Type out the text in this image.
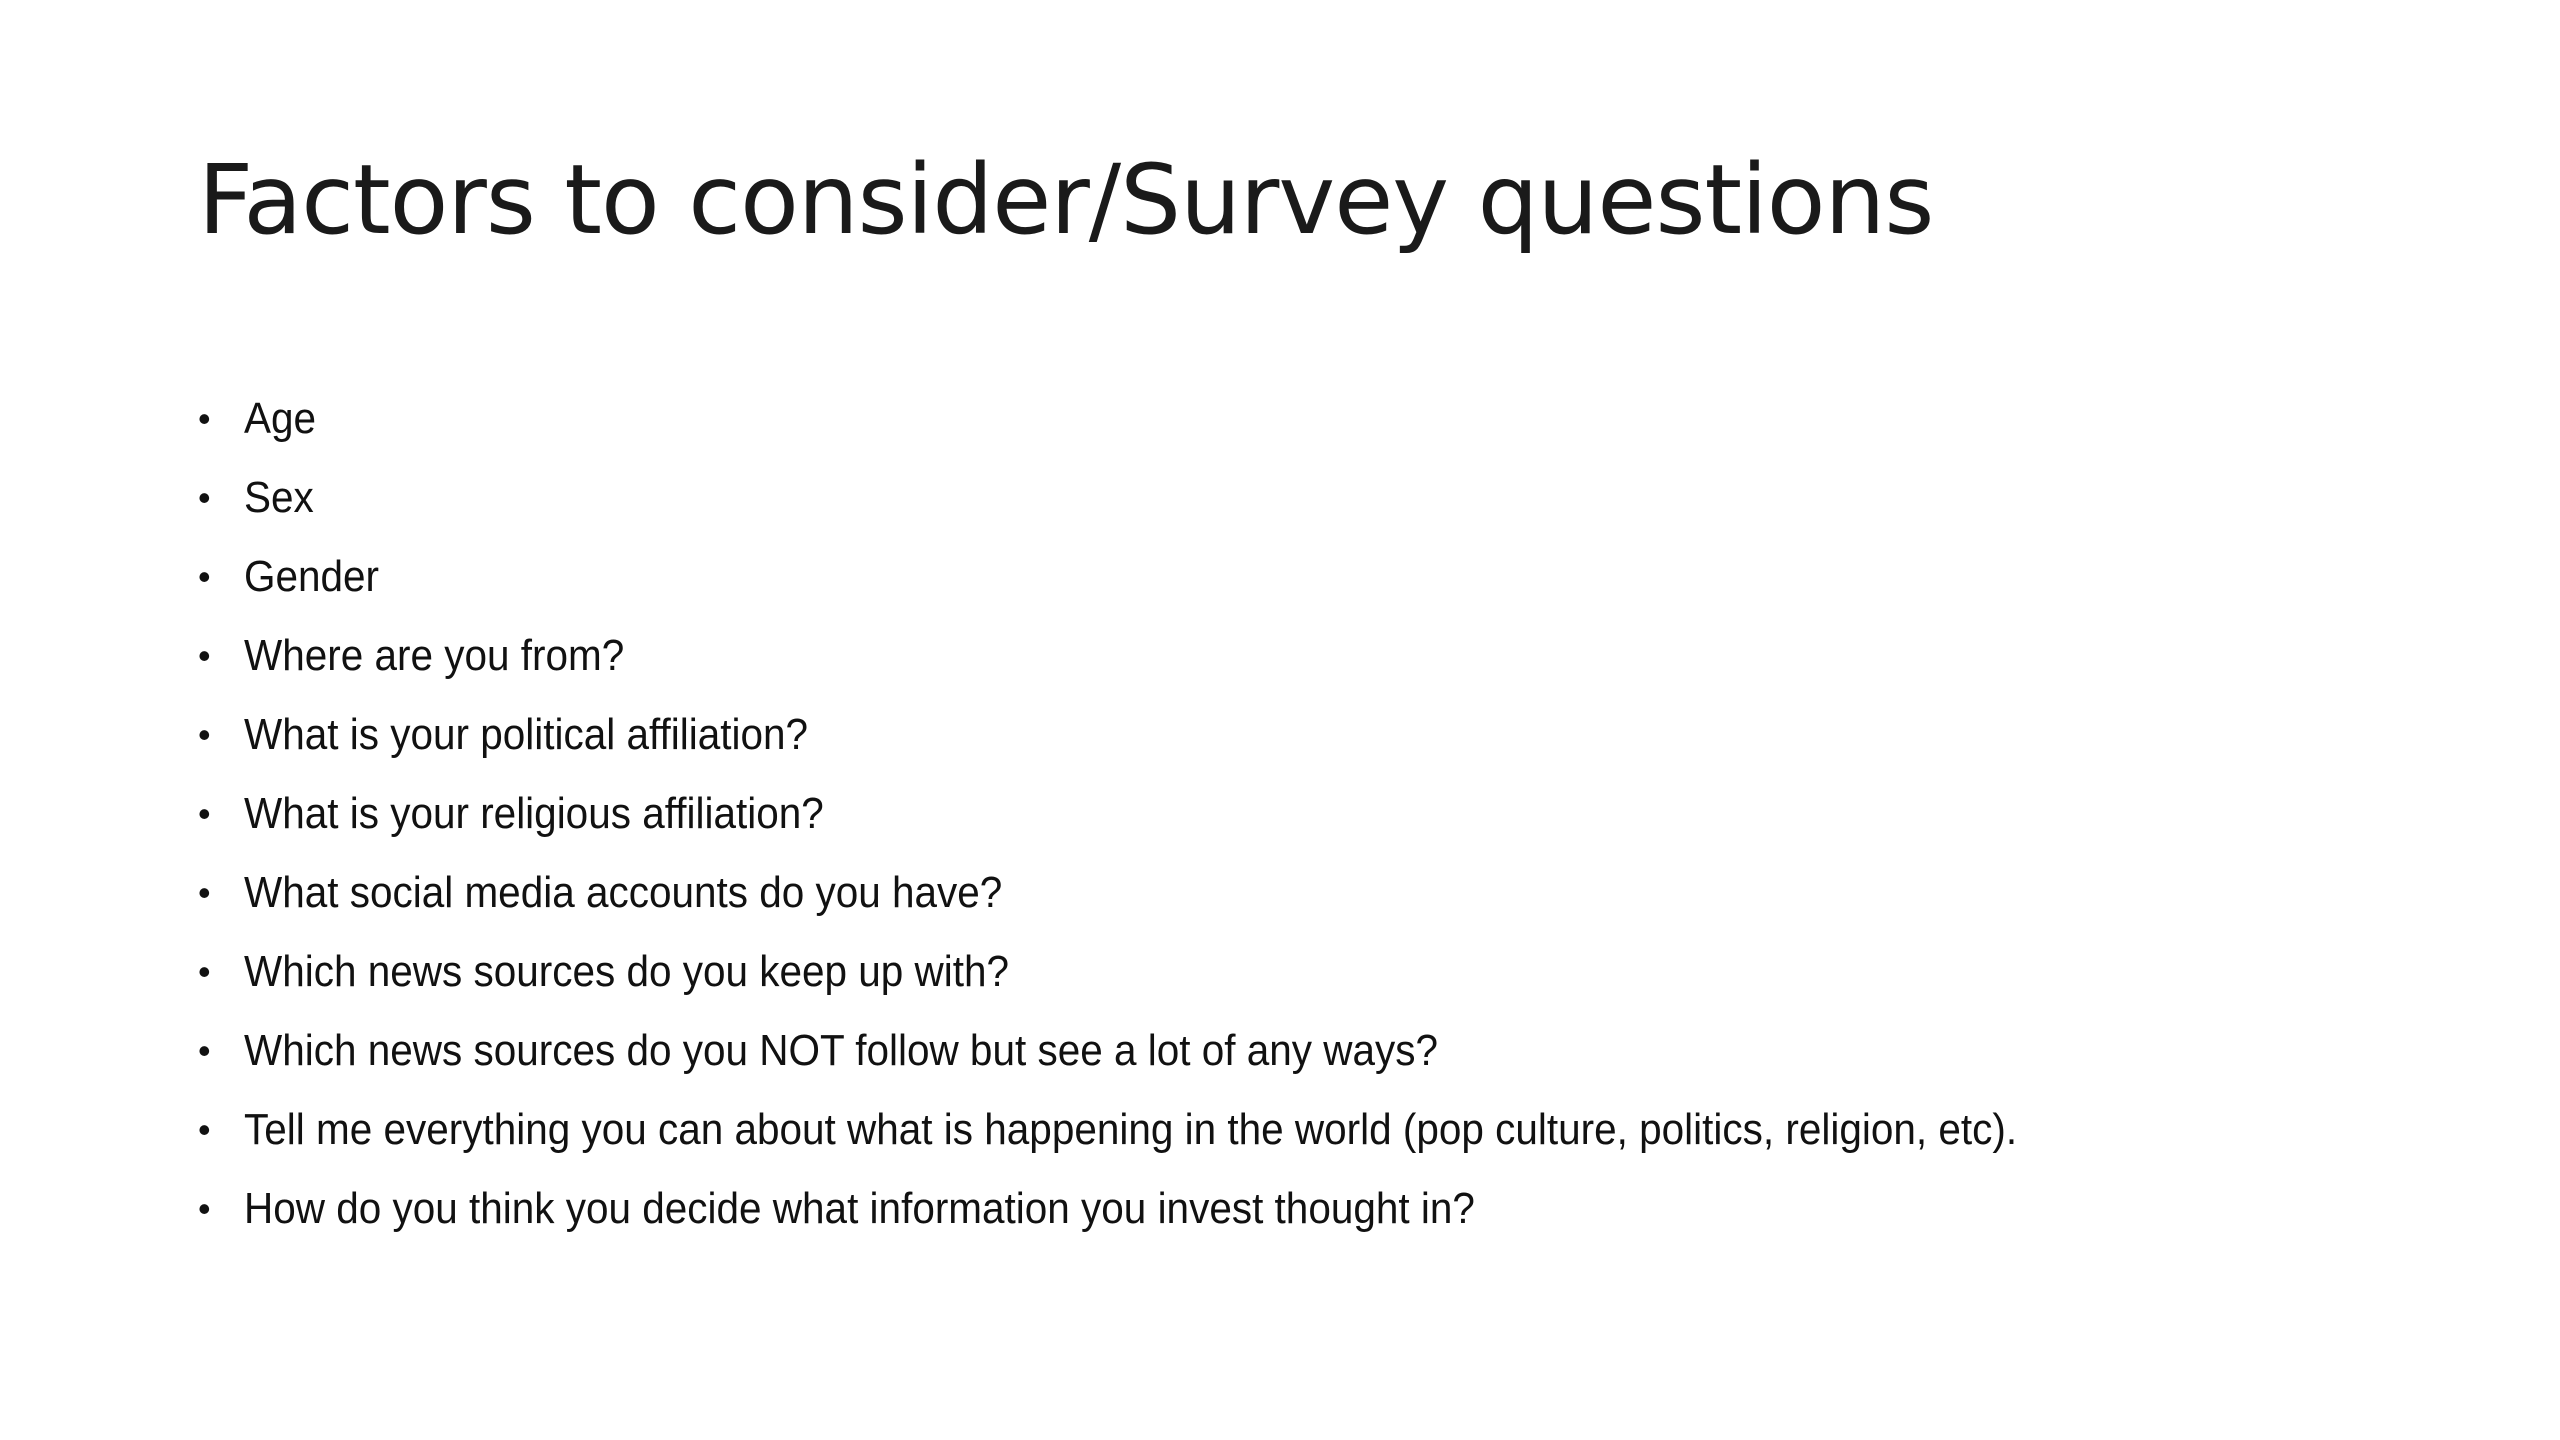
Factors to consider/Survey questions
• Age
• Sex
• Gender
• Where are you from?
• What is your political affiliation?
• What is your religious affiliation?
• What social media accounts do you have?
• Which news sources do you keep up with?
• Which news sources do you NOT follow but see a lot of any ways?
• Tell me everything you can about what is happening in the world (pop culture, politics, religion, etc).
• How do you think you decide what information you invest thought in?
